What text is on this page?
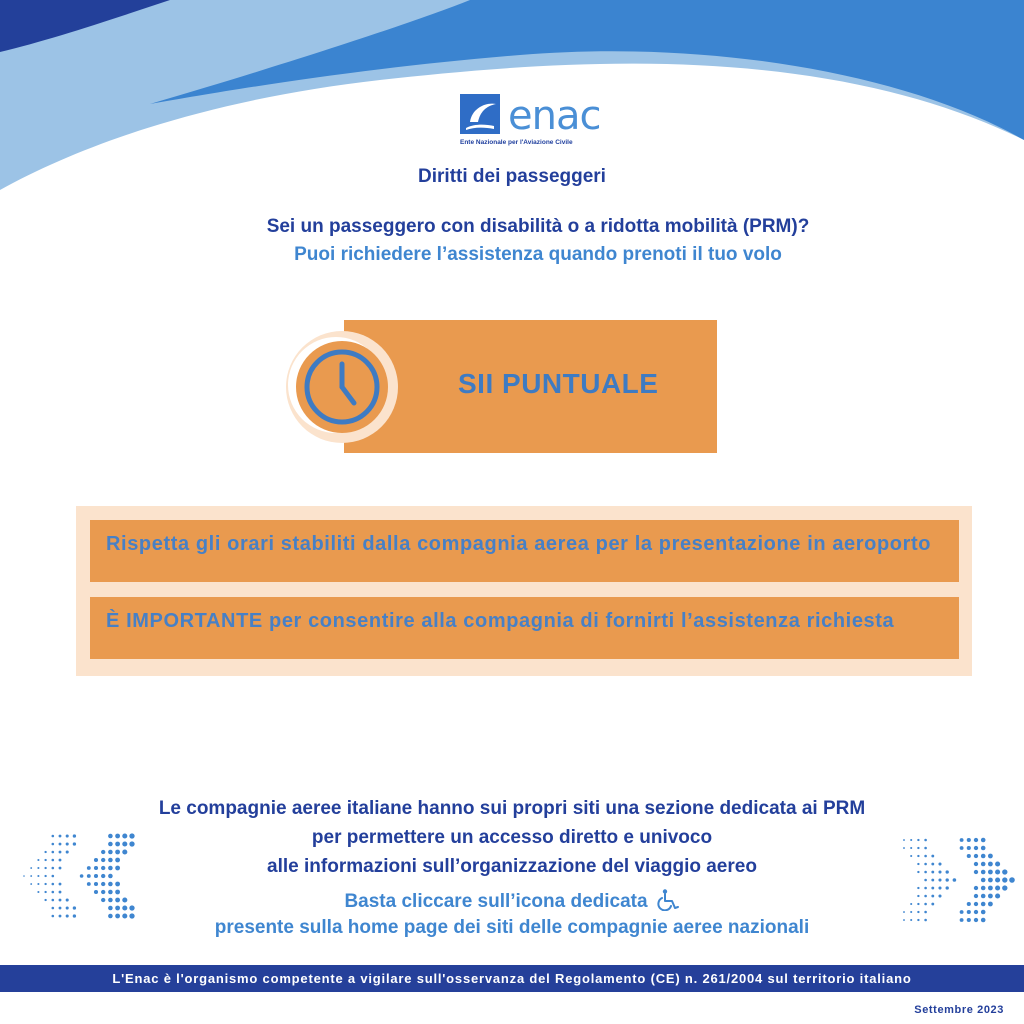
enac
Ente Nazionale per l'Aviazione Civile
Diritti dei passeggeri
Sei un passeggero con disabilità o a ridotta mobilità (PRM)?
Puoi richiedere l’assistenza quando prenoti il tuo volo
SII PUNTUALE
Rispetta gli orari stabiliti dalla compagnia aerea per la presentazione in aeroporto
È IMPORTANTE per consentire alla compagnia di fornirti l’assistenza richiesta
Le compagnie aeree italiane hanno sui propri siti una sezione dedicata ai PRM
per permettere un accesso diretto e univoco
alle informazioni sull’organizzazione del viaggio aereo
Basta cliccare sull’icona dedicata
presente sulla home page dei siti delle compagnie aeree nazionali
L'Enac è l'organismo competente a vigilare sull'osservanza del Regolamento (CE) n. 261/2004 sul territorio italiano
Settembre 2023
